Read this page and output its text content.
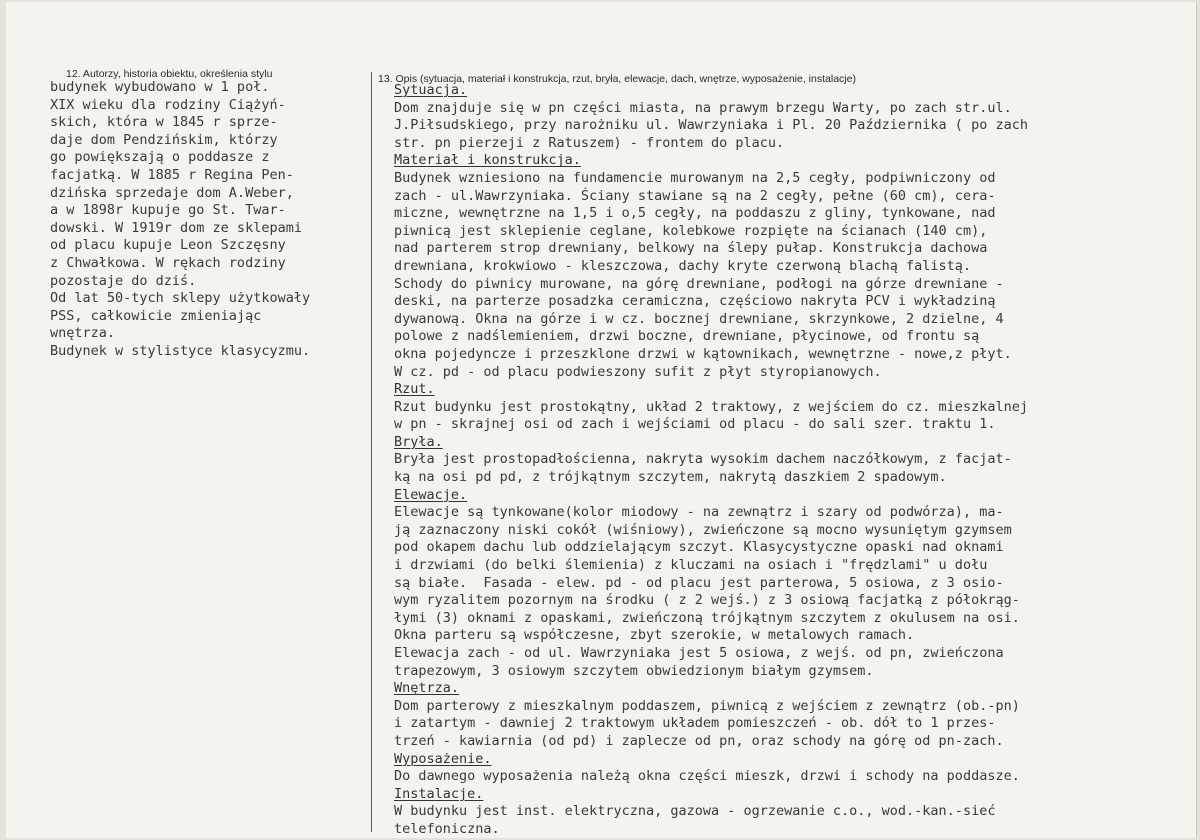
12. Autorzy, historia obiektu, określenia stylu	13. Opis (sytuacja, materiał i konstrukcja, rzut, bryła, elewacje, dach, wnętrze, wyposażenie, instalacje)
budynek wybudowano w 1 poł.
XIX wieku dla rodziny Ciążyń-
skich, która w 1845 r sprze-
daje dom Pendzińskim, którzy
go powiększają o poddasze z
facjatką. W 1885 r Regina Pen-
dzińska sprzedaje dom A.Weber,
a w 1898r kupuje go St. Twar-
dowski. W 1919r dom ze sklepami
od placu kupuje Leon Szczęsny
z Chwałkowa. W rękach rodziny
pozostaje do dziś.
Od lat 50-tych sklepy użytkowały
PSS, całkowicie zmieniając
wnętrza.
Budynek w stylistyce klasycyzmu.
Sytuacja.
Dom znajduje się w pn części miasta, na prawym brzegu Warty, po zach str.ul.
J.Piłsudskiego, przy narożniku ul. Wawrzyniaka i Pl. 20 Października ( po zach
str. pn pierzeji z Ratuszem) - frontem do placu.
Materiał i konstrukcja.
Budynek wzniesiono na fundamencie murowanym na 2,5 cegły, podpiwniczony od
zach - ul.Wawrzyniaka. Ściany stawiane są na 2 cegły, pełne (60 cm), cera-
miczne, wewnętrzne na 1,5 i o,5 cegły, na poddaszu z gliny, tynkowane, nad
piwnicą jest sklepienie ceglane, kolebkowe rozpięte na ścianach (140 cm),
nad parterem strop drewniany, belkowy na ślepy pułap. Konstrukcja dachowa
drewniana, krokwiowo - kleszczowa, dachy kryte czerwoną blachą falistą.
Schody do piwnicy murowane, na górę drewniane, podłogi na górze drewniane -
deski, na parterze posadzka ceramiczna, częściowo nakryta PCV i wykładziną
dywanową. Okna na górze i w cz. bocznej drewniane, skrzynkowe, 2 dzielne, 4
polowe z nadślemieniem, drzwi boczne, drewniane, płycinowe, od frontu są
okna pojedyncze i przeszklone drzwi w kątownikach, wewnętrzne - nowe,z płyt.
W cz. pd - od placu podwieszony sufit z płyt styropianowych.
Rzut.
Rzut budynku jest prostokątny, układ 2 traktowy, z wejściem do cz. mieszkalnej
w pn - skrajnej osi od zach i wejściami od placu - do sali szer. traktu 1.
Bryła.
Bryła jest prostopadłościenna, nakryta wysokim dachem naczółkowym, z facjat-
ką na osi pd pd, z trójkątnym szczytem, nakrytą daszkiem 2 spadowym.
Elewacje.
Elewacje są tynkowane(kolor miodowy - na zewnątrz i szary od podwórza), ma-
ją zaznaczony niski cokół (wiśniowy), zwieńczone są mocno wysuniętym gzymsem
pod okapem dachu lub oddzielającym szczyt. Klasycystyczne opaski nad oknami
i drzwiami (do belki ślemienia) z kluczami na osiach i "frędzlami" u dołu
są białe.  Fasada - elew. pd - od placu jest parterowa, 5 osiowa, z 3 osio-
wym ryzalitem pozornym na środku ( z 2 wejś.) z 3 osiową facjatką z półokrąg-
łymi (3) oknami z opaskami, zwieńczoną trójkątnym szczytem z okulusem na osi.
Okna parteru są współczesne, zbyt szerokie, w metalowych ramach.
Elewacja zach - od ul. Wawrzyniaka jest 5 osiowa, z wejś. od pn, zwieńczona
trapezowym, 3 osiowym szczytem obwiedzionym białym gzymsem.
Wnętrza.
Dom parterowy z mieszkalnym poddaszem, piwnicą z wejściem z zewnątrz (ob.-pn)
i zatartym - dawniej 2 traktowym układem pomieszczeń - ob. dół to 1 przes-
trzeń - kawiarnia (od pd) i zaplecze od pn, oraz schody na górę od pn-zach.
Wyposażenie.
Do dawnego wyposażenia należą okna części mieszk, drzwi i schody na poddasze.
Instalacje.
W budynku jest inst. elektryczna, gazowa - ogrzewanie c.o., wod.-kan.-sieć
telefoniczna.
